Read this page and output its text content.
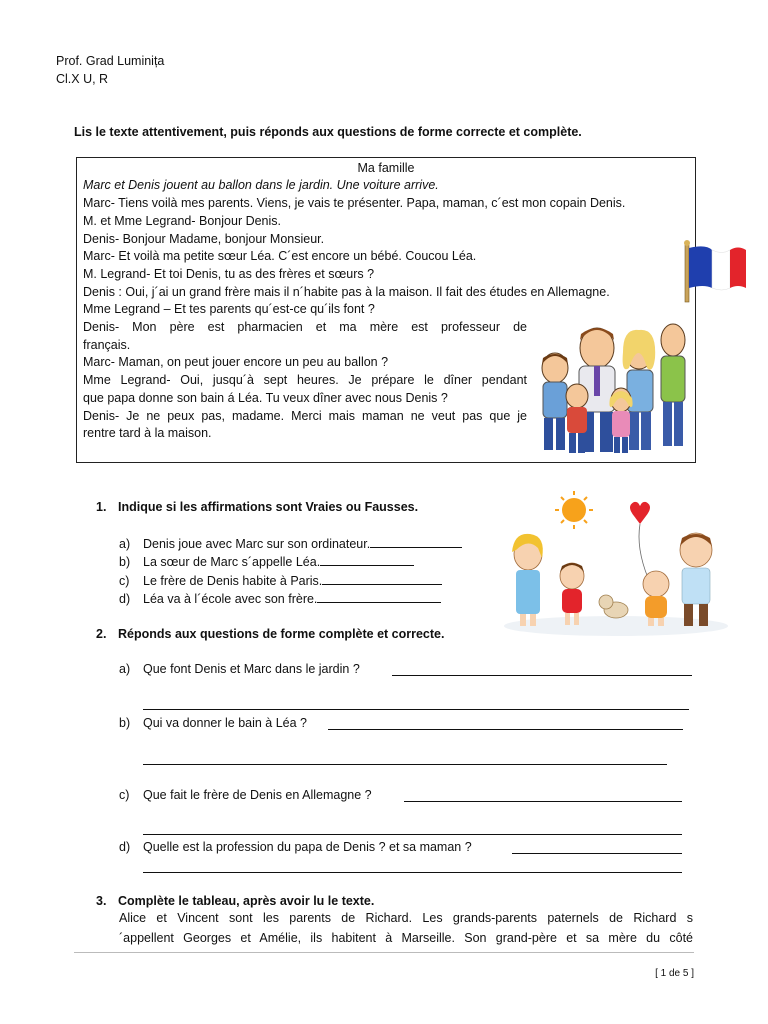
Prof. Grad Luminița
Cl.X U, R
Lis le texte attentivement, puis réponds aux questions de forme correcte et complète.
Ma famille
Marc et Denis jouent au ballon dans le jardin. Une voiture arrive.
Marc- Tiens voilà mes parents. Viens, je vais te présenter. Papa, maman, c´est mon copain Denis.
M. et Mme Legrand- Bonjour Denis.
Denis- Bonjour Madame, bonjour Monsieur.
Marc- Et voilà ma petite sœur Léa. C´est encore un bébé. Coucou Léa.
M. Legrand- Et toi Denis, tu as des frères et sœurs ?
Denis : Oui, j´ai un grand frère mais il n´habite pas à la maison. Il fait des études en Allemagne.
Mme Legrand – Et tes parents qu´est-ce qu´ils font ?
Denis- Mon père est pharmacien et ma mère est professeur de
français.
Marc- Maman, on peut jouer encore un peu au ballon ?
Mme Legrand- Oui, jusqu´à sept heures. Je prépare le dîner pendant
que papa donne son bain á Léa. Tu veux dîner avec nous Denis ?
Denis- Je ne peux pas, madame. Merci mais maman ne veut pas que je
rentre tard à la maison.
1. Indique si les affirmations sont Vraies ou Fausses.
a) Denis joue avec Marc sur son ordinateur.
b) La sœur de Marc s´appelle Léa.
c) Le frère de Denis habite à Paris.
d) Léa va à l´école avec son frère.
2. Réponds aux questions de forme complète et correcte.
a) Que font Denis et Marc dans le jardin ?
b) Qui va donner le bain à Léa ?
c) Que fait le frère de Denis en Allemagne ?
d) Quelle est la profession du papa de Denis ? et sa maman ?
3. Complète le tableau, après avoir lu le texte.
Alice et Vincent sont les parents de Richard. Les grands-parents paternels de Richard s
´appellent Georges et Amélie, ils habitent à Marseille. Son grand-père et sa mère du côté
[ 1 de 5 ]
